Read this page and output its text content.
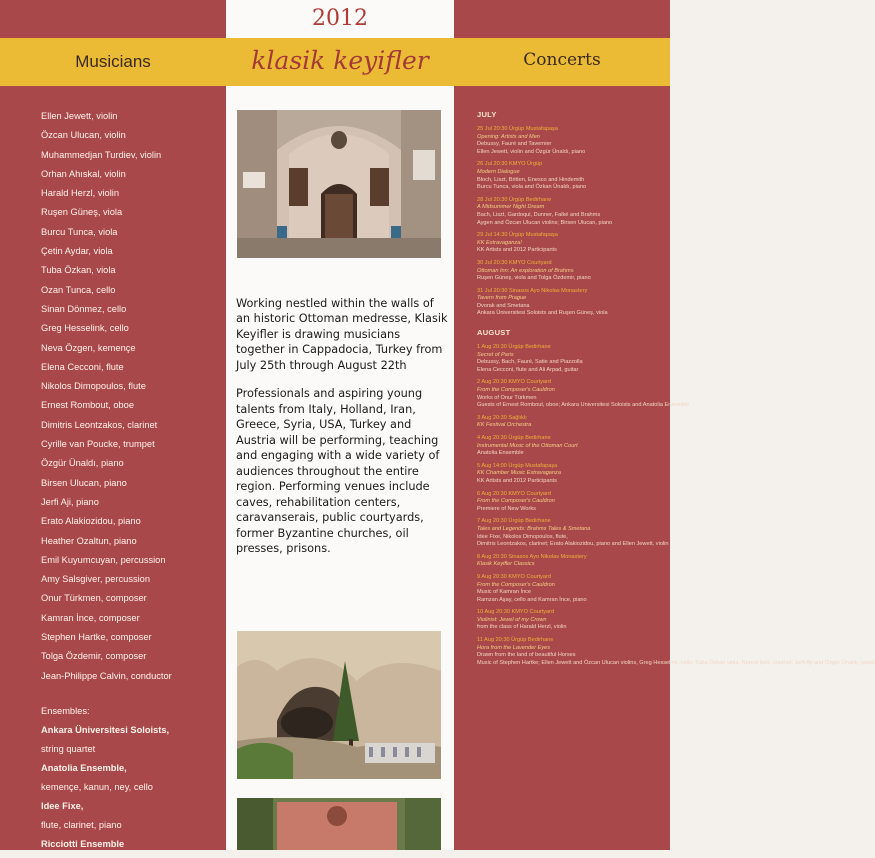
2012
Musicians	klasik keyifler	Concerts
Ellen Jewett, violin
Özcan Ulucan, violin
Muhammedjan Turdiev, violin
Orhan Ahıskal, violin
Harald Herzl, violin
Ruşen Güneş, viola
Burcu Tunca, viola
Çetin Aydar, viola
Tuba Özkan, viola
Ozan Tunca, cello
Sinan Dönmez, cello
Greg Hesselink, cello
Neva Özgen, kemençe
Elena Cecconi, flute
Nikolos Dimopoulos, flute
Ernest Rombout, oboe
Dimitris Leontzakos, clarinet
Cyrille van Poucke, trumpet
Özgür Ünaldı, piano
Birsen Ulucan, piano
Jerfi Aji, piano
Erato Alakiozidou, piano
Heather Ozaltun, piano
Emil Kuyumcuyan, percussion
Amy Salsgiver, percussion
Onur Türkmen, composer
Kamran İnce, composer
Stephen Hartke, composer
Tolga Özdemir, composer
Jean-Philippe Calvin, conductor
Ensembles:
Ankara Üniversitesi Soloists,
string quartet
Anatolia Ensemble,
kemençe, kanun, ney, cello
Idee Fixe,
flute, clarinet, piano
Ricciotti Ensemble

Working nestled within the walls of an historic Ottoman medresse, Klasik Keyifler is drawing musicians together in Cappadocia, Turkey from July 25th through August 22th

Professionals and aspiring young talents from Italy, Holland, Iran, Greece, Syria, USA, Turkey and Austria will be performing, teaching and engaging with a wide variety of audiences throughout the entire region. Performing venues include caves, rehabilitation centers, caravanserais, public courtyards, former Byzantine churches, oil presses, prisons.

JULY
25 Jul 20:30 Ürgüp Mustafapaşa
Opening: Artists and Men
Debussy, Fauré and Tavernier
Ellen Jewett, violin and Özgür Ünaldı, piano
26 Jul 20:30 KMYO Ürgüp
Modern Dialogue
Bloch, Liszt, Britten, Enesco and Hindemith
Burcu Tunca, viola and Özkan Ünaldı, piano
28 Jul 20:30 Ürgüp Bedirhane
A Midsummer Night Dream
Bach, Liszt, Gardoqui, Dunner, Falké and Brahms
Aygen and Özcan Ulucan violins; Birsen Ulucan, piano
29 Jul 14:30 Ürgüp Mustafapaşa
KK Extravaganza!
KK Artists and 2012 Participants
30 Jul 20:30 KMYO Courtyard
Ottoman Inn: An exploration of Brahms
Ruşen Güneş, viola and Tolga Özdemir, piano
31 Jul 20:30 Sinasos Ayo Nikolas Monastery
Tavern from Prague
Dvorak and Smetana
Ankara Üniversitesi Soloists and Ruşen Güneş, viola
AUGUST
1 Aug 20:30 Ürgüp Bedirhane
Secret of Paris
Debussy, Bach, Fauré, Satie and Piazzolla
Elena Cecconi, flute and Ali Arpad, guitar
2 Aug 20:30 KMYO Courtyard
From the Composer's Cauldron
Works of Onur Türkmen
Guests of Ernest Rombout, oboe; Ankara Universitesi Soloists and Anatolia Ensemble
3 Aug 20:30 Sağlıklı
KK Festival Orchestra
4 Aug 20:30 Ürgüp Bedirhane
Instrumental Music of the Ottoman Court
Anatolia Ensemble
5 Aug 14:00 Ürgüp Mustafapaşa
KK Chamber Music Extravaganza
KK Artists and 2012 Participants
6 Aug 20:30 KMYO Courtyard
From the Composer's Cauldron
Premiere of New Works
7 Aug 20:30 Ürgüp Bedirhane
Tales and Legends: Brahms Tales & Smetana
Idee Fixe, Nikolos Dimopoulos, flute,
Dimitris Leontzakos, clarinet; Erato Alakiozidou, piano and Ellen Jewett, violin
8 Aug 20:30 Sinasos Ayo Nikolas Monastery
Klasik Keyifler Classics
9 Aug 20:30 KMYO Courtyard
From the Composer's Cauldron
Music of Kamran İnce
Ramzan Aşay, cello and Kamran İnce, piano
10 Aug 20:30 KMYO Courtyard
Violinist: Jewel of my Crown
from the class of Harald Herzl, violin
11 Aug 20:30 Ürgüp Bedirhane
Hora from the Lavender Eyes
Drawn from the land of beautiful Horses
Music of Stephen Hartke; Ellen Jewett and Özcan Ulucan violins, Greg Hesselink, cello; Tuba Özkan viola, Nuredi İpek, clarinet; Jerfi Aji and Özgür Ünaldı, piano
